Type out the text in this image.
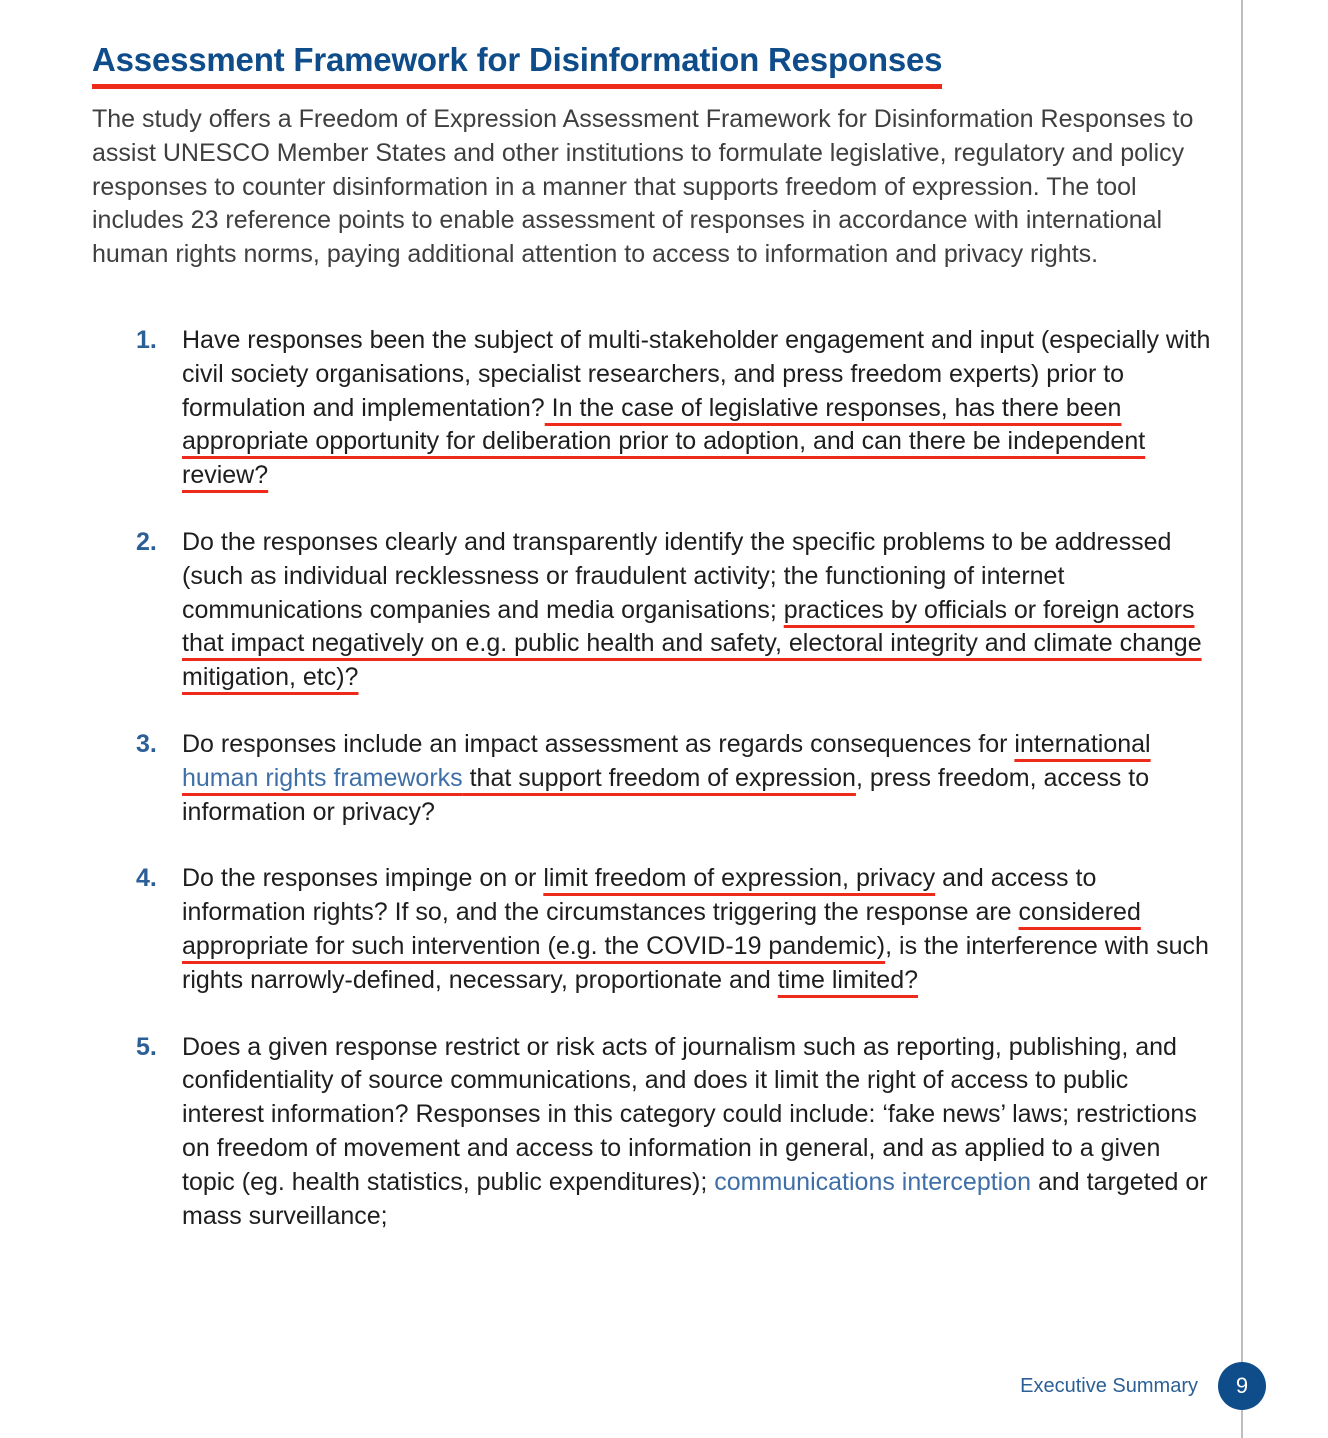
Assessment Framework for Disinformation Responses

The study offers a Freedom of Expression Assessment Framework for Disinformation Responses to assist UNESCO Member States and other institutions to formulate legislative, regulatory and policy responses to counter disinformation in a manner that supports freedom of expression. The tool includes 23 reference points to enable assessment of responses in accordance with international human rights norms, paying additional attention to access to information and privacy rights.

1. Have responses been the subject of multi-stakeholder engagement and input (especially with civil society organisations, specialist researchers, and press freedom experts) prior to formulation and implementation? In the case of legislative responses, has there been appropriate opportunity for deliberation prior to adoption, and can there be independent review?
2. Do the responses clearly and transparently identify the specific problems to be addressed (such as individual recklessness or fraudulent activity; the functioning of internet communications companies and media organisations; practices by officials or foreign actors that impact negatively on e.g. public health and safety, electoral integrity and climate change mitigation, etc)?
3. Do responses include an impact assessment as regards consequences for international human rights frameworks that support freedom of expression, press freedom, access to information or privacy?
4. Do the responses impinge on or limit freedom of expression, privacy and access to information rights? If so, and the circumstances triggering the response are considered appropriate for such intervention (e.g. the COVID-19 pandemic), is the interference with such rights narrowly-defined, necessary, proportionate and time limited?
5. Does a given response restrict or risk acts of journalism such as reporting, publishing, and confidentiality of source communications, and does it limit the right of access to public interest information? Responses in this category could include: ‘fake news’ laws; restrictions on freedom of movement and access to information in general, and as applied to a given topic (eg. health statistics, public expenditures); communications interception and targeted or mass surveillance;
Executive Summary	9
